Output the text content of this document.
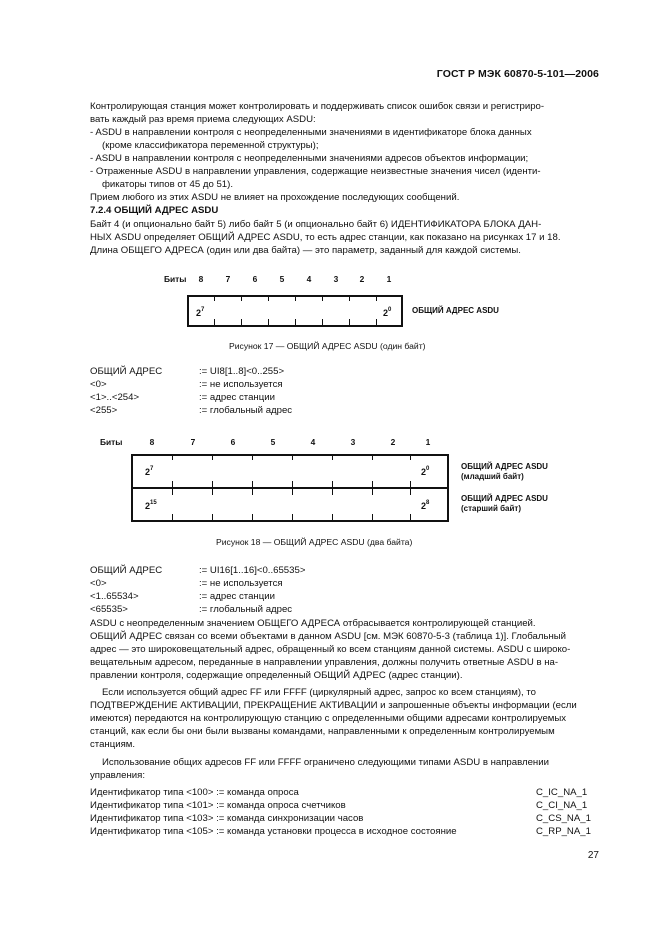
ГОСТ Р МЭК 60870-5-101—2006
Контролирующая станция может контролировать и поддерживать список ошибок связи и регистриро-
вать каждый раз время приема следующих ASDU:
- ASDU в направлении контроля с неопределенными значениями в идентификаторе блока данных
(кроме классификатора переменной структуры);
- ASDU в направлении контроля с неопределенными значениями адресов объектов информации;
- Отраженные ASDU в направлении управления, содержащие неизвестные значения чисел (иденти-
фикаторы типов от 45 до 51).
Прием любого из этих ASDU не влияет на прохождение последующих сообщений.
7.2.4 ОБЩИЙ АДРЕС ASDU
Байт 4 (и опционально байт 5) либо байт 5 (и опционально байт 6) ИДЕНТИФИКАТОРА БЛОКА ДАН-
НЫХ ASDU определяет ОБЩИЙ АДРЕС ASDU, то есть адрес станции, как показано на рисунках 17 и 18.
Длина ОБЩЕГО АДРЕСА (один или два байта) — это параметр, заданный для каждой системы.
Биты 8	7	6	5	4	3	2	1
$2^7$	$2^0$	ОБЩИЙ АДРЕС ASDU
Рисунок 17 — ОБЩИЙ АДРЕС ASDU (один байт)
ОБЩИЙ АДРЕС	:= UI8[1..8]<0..255>
<0>	:= не используется
<1>..<254>	:= адрес станции
<255>	:= глобальный адрес
Биты	8	7	6	5	4	3	2	1
$2^7$	$2^0$
$2^{15}$	$2^8$
ОБЩИЙ АДРЕС ASDU
(младший байт)
ОБЩИЙ АДРЕС ASDU
(старший байт)
Рисунок 18 — ОБЩИЙ АДРЕС ASDU (два байта)
ОБЩИЙ АДРЕС	:= UI16[1..16]<0..65535>
<0>	:= не используется
<1..65534>	:= адрес станции
<65535>	:= глобальный адрес
ASDU с неопределенным значением ОБЩЕГО АДРЕСА отбрасывается контролирующей станцией.
ОБЩИЙ АДРЕС связан со всеми объектами в данном ASDU [см. МЭК 60870-5-3 (таблица 1)]. Глобальный
адрес — это широковещательный адрес, обращенный ко всем станциям данной системы. ASDU с широко-
вещательным адресом, переданные в направлении управления, должны получить ответные ASDU в на-
правлении контроля, содержащие определенный ОБЩИЙ АДРЕС (адрес станции).
Если используется общий адрес FF или FFFF (циркулярный адрес, запрос ко всем станциям), то
ПОДТВЕРЖДЕНИЕ АКТИВАЦИИ, ПРЕКРАЩЕНИЕ АКТИВАЦИИ и запрошенные объекты информации (если
имеются) передаются на контролирующую станцию с определенными общими адресами контролируемых
станций, как если бы они были вызваны командами, направленными к определенным контролируемым
станциям.
Использование общих адресов FF или FFFF ограничено следующими типами ASDU в направлении
управления:
Идентификатор типа <100> := команда опроса	C_IC_NA_1
Идентификатор типа <101> := команда опроса счетчиков	C_CI_NA_1
Идентификатор типа <103> := команда синхронизации часов	C_CS_NA_1
Идентификатор типа <105> := команда установки процесса в исходное состояние	C_RP_NA_1
27
